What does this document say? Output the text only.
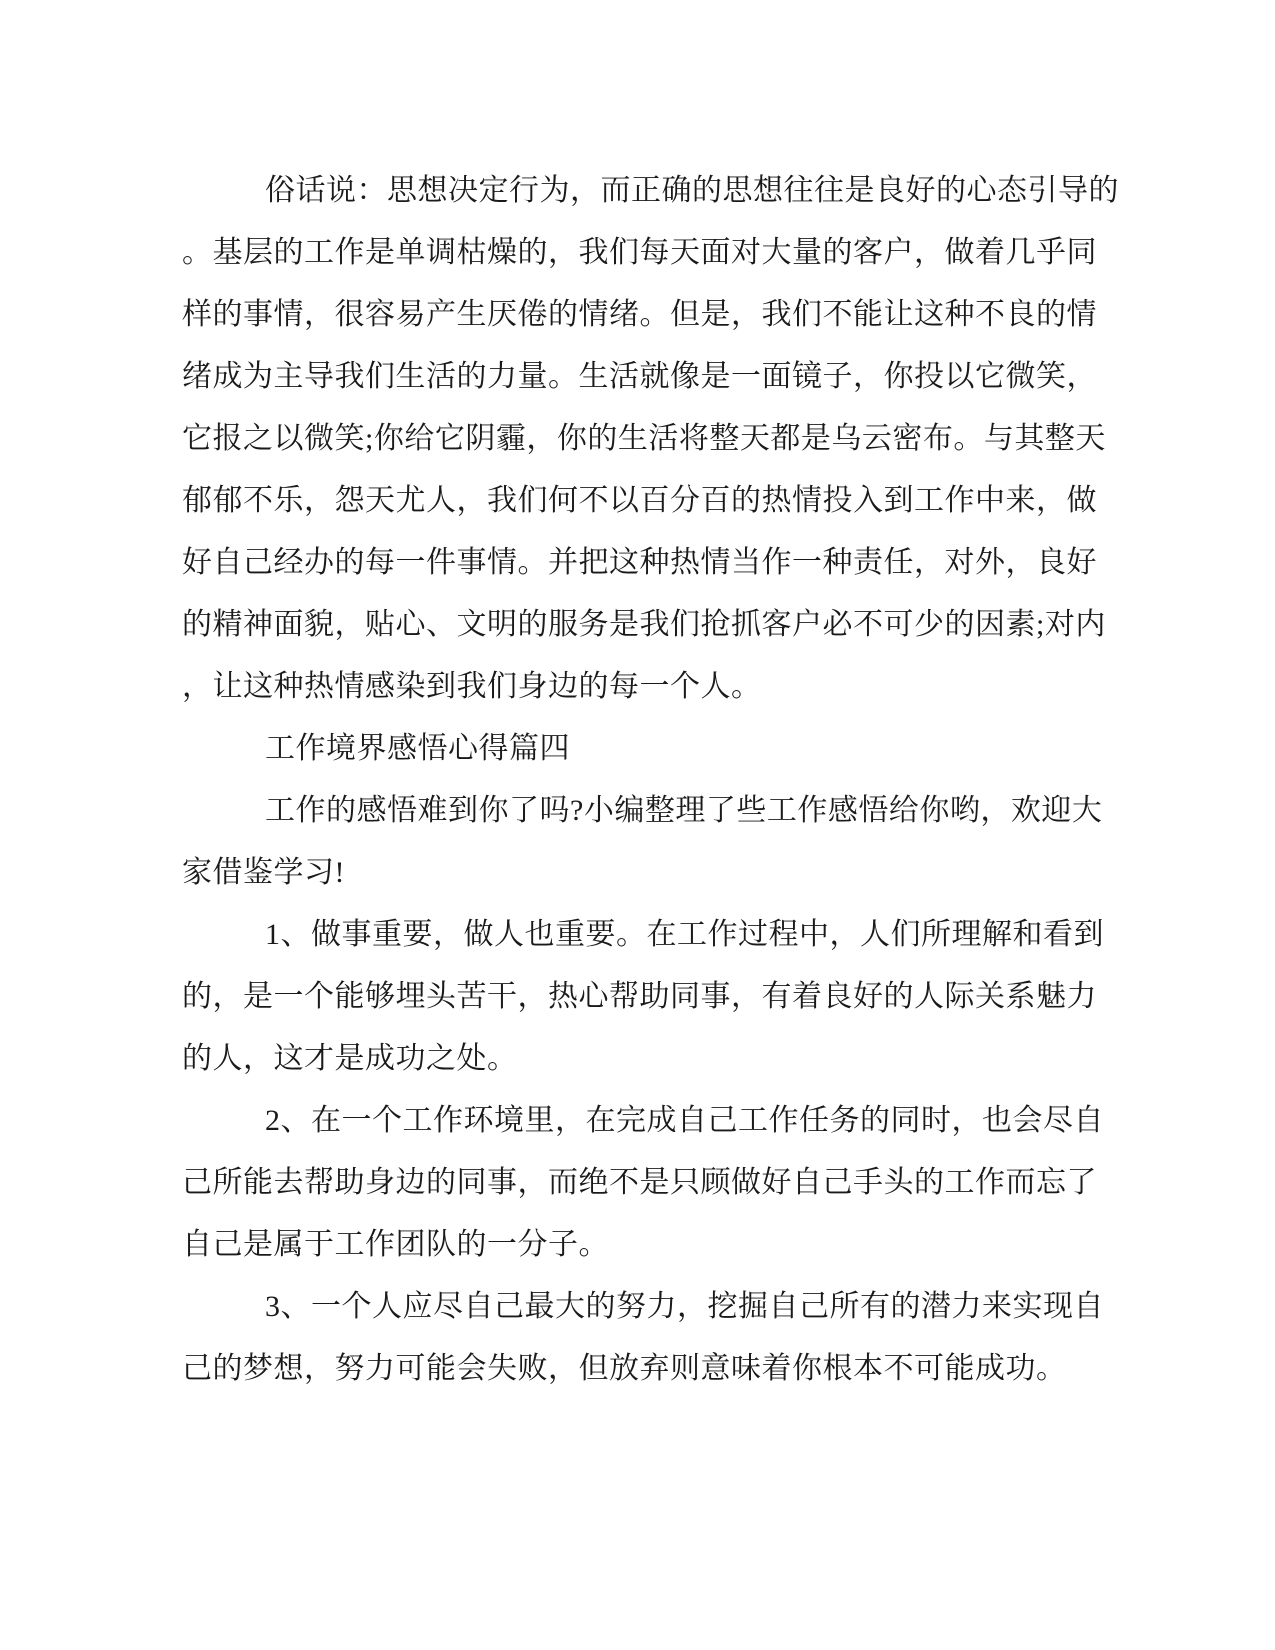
俗话说：思想决定行为，而正确的思想往往是良好的心态引导的
。基层的工作是单调枯燥的，我们每天面对大量的客户，做着几乎同
样的事情，很容易产生厌倦的情绪。但是，我们不能让这种不良的情
绪成为主导我们生活的力量。生活就像是一面镜子，你投以它微笑，
它报之以微笑;你给它阴霾，你的生活将整天都是乌云密布。与其整天
郁郁不乐，怨天尤人，我们何不以百分百的热情投入到工作中来，做
好自己经办的每一件事情。并把这种热情当作一种责任，对外，良好
的精神面貌，贴心、文明的服务是我们抢抓客户必不可少的因素;对内
，让这种热情感染到我们身边的每一个人。
工作境界感悟心得篇四
工作的感悟难到你了吗?小编整理了些工作感悟给你哟，欢迎大
家借鉴学习!
1、做事重要，做人也重要。在工作过程中，人们所理解和看到
的，是一个能够埋头苦干，热心帮助同事，有着良好的人际关系魅力
的人，这才是成功之处。
2、在一个工作环境里，在完成自己工作任务的同时，也会尽自
己所能去帮助身边的同事，而绝不是只顾做好自己手头的工作而忘了
自己是属于工作团队的一分子。
3、一个人应尽自己最大的努力，挖掘自己所有的潜力来实现自
己的梦想，努力可能会失败，但放弃则意味着你根本不可能成功。
